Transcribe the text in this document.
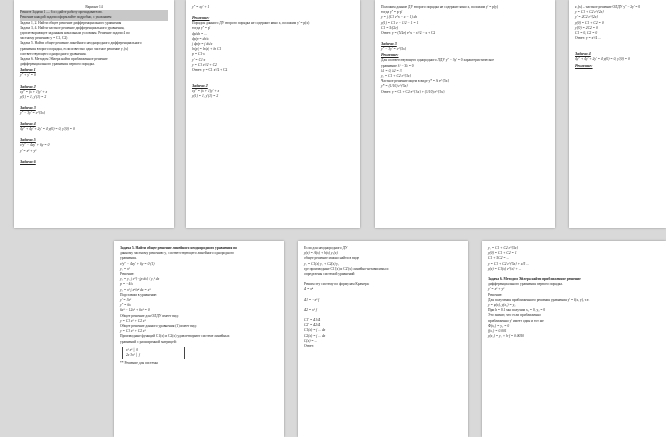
Вариант 14
Решите Задачи 1 — 6 и сдайте работу преподавателю.
Решение каждой задачи оформляйте подробно, с указанием
Задача 1, 2. Найти общее решение дифференциального уравнения
Задача 3, 4. Найти частное решение дифференциального уравнения,
удовлетворяющее заданным начальным условиям. Решение задачи 4 по
частному решению y = C1, C2)
Задача 5. Найти общее решение линейного неоднородного дифференциального
уравнения второго порядка, если известно одно частное решение y₁(x)
соответствующего однородного уравнения.
Задача 6. Методом Эйлера найти приближенное решение
дифференциального уравнения первого порядка.
Задача 1
y'' + y' = 0
Задача 2
xy'' = (x + 1)y' + x
y(1) = 1, y'(1) = 2
Задача 3
y'' − 3y' = e^{5x}
Задача 4
4y'' + 4y' + 2y' = 4 y(0) = 0, y'(0) = 0
Задача 5
x²y'' − 4xy' + 6y = 0
y' = x² + y²
Задача 6
y'' = xy' + 1
Решение:
Порядок данного ДУ второго порядка не содержит явно x, положим y' = p(x)
тогда y'' = p'
dp/dx = ...
dp/p = dx/x
∫ dp/p = ∫ dx/x
ln|p| = ln|x| + ln C1
p = C1·x
y' = C1·x
y = C1 x²/2 + C2
Ответ: y = C1 x²/2 + C2
Задача 2
xy'' = (x + 1)y' + x
y(1) = 1, y'(1) = 2
Положим данное ДУ второго порядка не содержит явно x, положим y' = p(y)
тогда y'' = p·p'
y = ∫ (C1 e^x − x − 1) dx
y(1) = C1 e − 1/2 − 1 = 1
C1 = 5/(2e)
Ответ: y = (5/2e) e^x − x²/2 − x + C2
Задача 3
y'' − 3y' = e^{5x}
Решение:
Для соответствующего однородного ЛДУ y'' − 3y' = 0 характеристическое
уравнение λ² − 3λ = 0
λ1 = 0, λ2 = 3
y₀ = C1 + C2 e^{3x}
Частное решение ищем в виде y* = A e^{5x}
y* = (1/10) e^{5x}
Ответ: y = C1 + C2 e^{3x} + (1/10) e^{5x}
z₁(x) – частное решение ОЛДУ y'' − 2y' = 0
y = C1 + C2 e^{2x}
y' = 2C2 e^{2x}
y(0) = C1 + C2 = 0
y'(0) = 2C2 = 0
C1 = 0, C2 = 0
Ответ: y = x²/4 ...
Задача 4
4y'' + 4y' + 2y' = 4 y(0) = 0, y'(0) = 0
Решение:
Задача 5. Найти общее решение линейного неоднородного уравнения по
данному частному решению y₁ соответствующего линейного однородного
уравнения.
x²y'' − 4xy' + 6y = 0 (1)
y₁ = x²
Решение:
y₂ = y₁ ∫ e^{−∫p dx} / y₁² dx
p = −4/x
y₂ = x² ∫ x⁴/x⁴ dx = x³
Подставим в уравнение:
y' = 3x²
y'' = 6x
6x³ − 12x³ + 6x³ = 0
Общее решение для ОЛДУ имеет вид:
y = C1 x² + C2 x³
Общее решение данного уравнения (1) имеет вид:
y = C1 x² + C2 x³
Производные функций C1(x) и C2(x) удовлетворяют системе линейных
уравнений с расширенной матрицей:
x² x³ │ 0
2x 3x² │ f
** Решение для системы
Если для неоднородного ДУ
y(x) = A(x) + h(x) y₁(x)
общее решение можно найти в виде
y₁ = C1(x) y₁ + C2(x) y₂
где производные C1'(x) и C2'(x) линейно-независимы и
определены системой уравнений
Решим эту систему по формулам Крамера:
Δ = x⁴
Δ1 = −x³ f
Δ2 = x² f
C1' = Δ1/Δ
C2' = Δ2/Δ
C1(x) = ∫ ... dx
C2(x) = ∫ ... dx
C(x) = ...
Ответ:
y₁ = C1 + C2 e^{5x}
y(0) = C1 + C2 = 1
C1 + 5C2 = ...
y = C1 + C2 e^{5x} + x/5 ...
y(x) = C1(x) e^{x} + ...
Задача 6. Методом Эйлера найти приближенное решение
дифференциального уравнения первого порядка.
y' = x² + y²
Решение:
Для получения приближенного решения уравнения y' = f(x, y), т.е.
y = φ(x), y(x₀) = y₀
При h = 0.1 мы получим x₀ = 0, y₀ = 0
Это значит, что если приближенно
приближенно y' имеет один и тот же
Ф(x₀) = y₀ = 0
f(x₁) = 0.001
y(x₂) = y₁ + h·f = 0.0050
